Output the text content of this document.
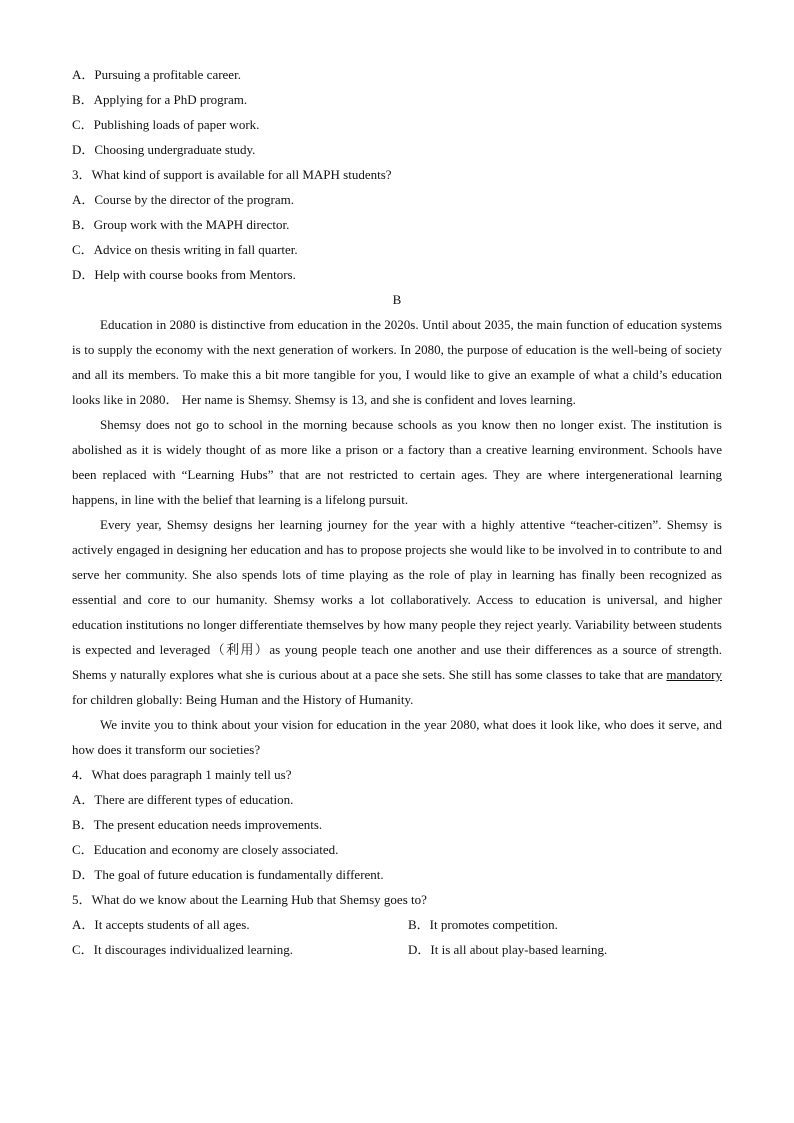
A．Pursuing a profitable career.
B．Applying for a PhD program.
C．Publishing loads of paper work.
D．Choosing undergraduate study.
3．What kind of support is available for all MAPH students?
A．Course by the director of the program.
B．Group work with the MAPH director.
C．Advice on thesis writing in fall quarter.
D．Help with course books from Mentors.
B
Education in 2080 is distinctive from education in the 2020s. Until about 2035, the main function of education systems is to supply the economy with the next generation of workers. In 2080, the purpose of education is the well-being of society and all its members. To make this a bit more tangible for you, I would like to give an example of what a child’s education looks like in 2080． Her name is Shemsy. Shemsy is 13, and she is confident and loves learning.
Shemsy does not go to school in the morning because schools as you know then no longer exist. The institution is abolished as it is widely thought of as more like a prison or a factory than a creative learning environment. Schools have been replaced with “Learning Hubs” that are not restricted to certain ages. They are where intergenerational learning happens, in line with the belief that learning is a lifelong pursuit.
Every year, Shemsy designs her learning journey for the year with a highly attentive “teacher-citizen”. Shemsy is actively engaged in designing her education and has to propose projects she would like to be involved in to contribute to and serve her community. She also spends lots of time playing as the role of play in learning has finally been recognized as essential and core to our humanity. Shemsy works a lot collaboratively. Access to education is universal, and higher education institutions no longer differentiate themselves by how many people they reject yearly. Variability between students is expected and leveraged（利用）as young people teach one another and use their differences as a source of strength. Shems y naturally explores what she is curious about at a pace she sets. She still has some classes to take that are mandatory for children globally: Being Human and the History of Humanity.
We invite you to think about your vision for education in the year 2080, what does it look like, who does it serve, and how does it transform our societies?
4．What does paragraph 1 mainly tell us?
A．There are different types of education.
B．The present education needs improvements.
C．Education and economy are closely associated.
D．The goal of future education is fundamentally different.
5．What do we know about the Learning Hub that Shemsy goes to?
A．It accepts students of all ages.	B．It promotes competition.
C．It discourages individualized learning.	D．It is all about play-based learning.
